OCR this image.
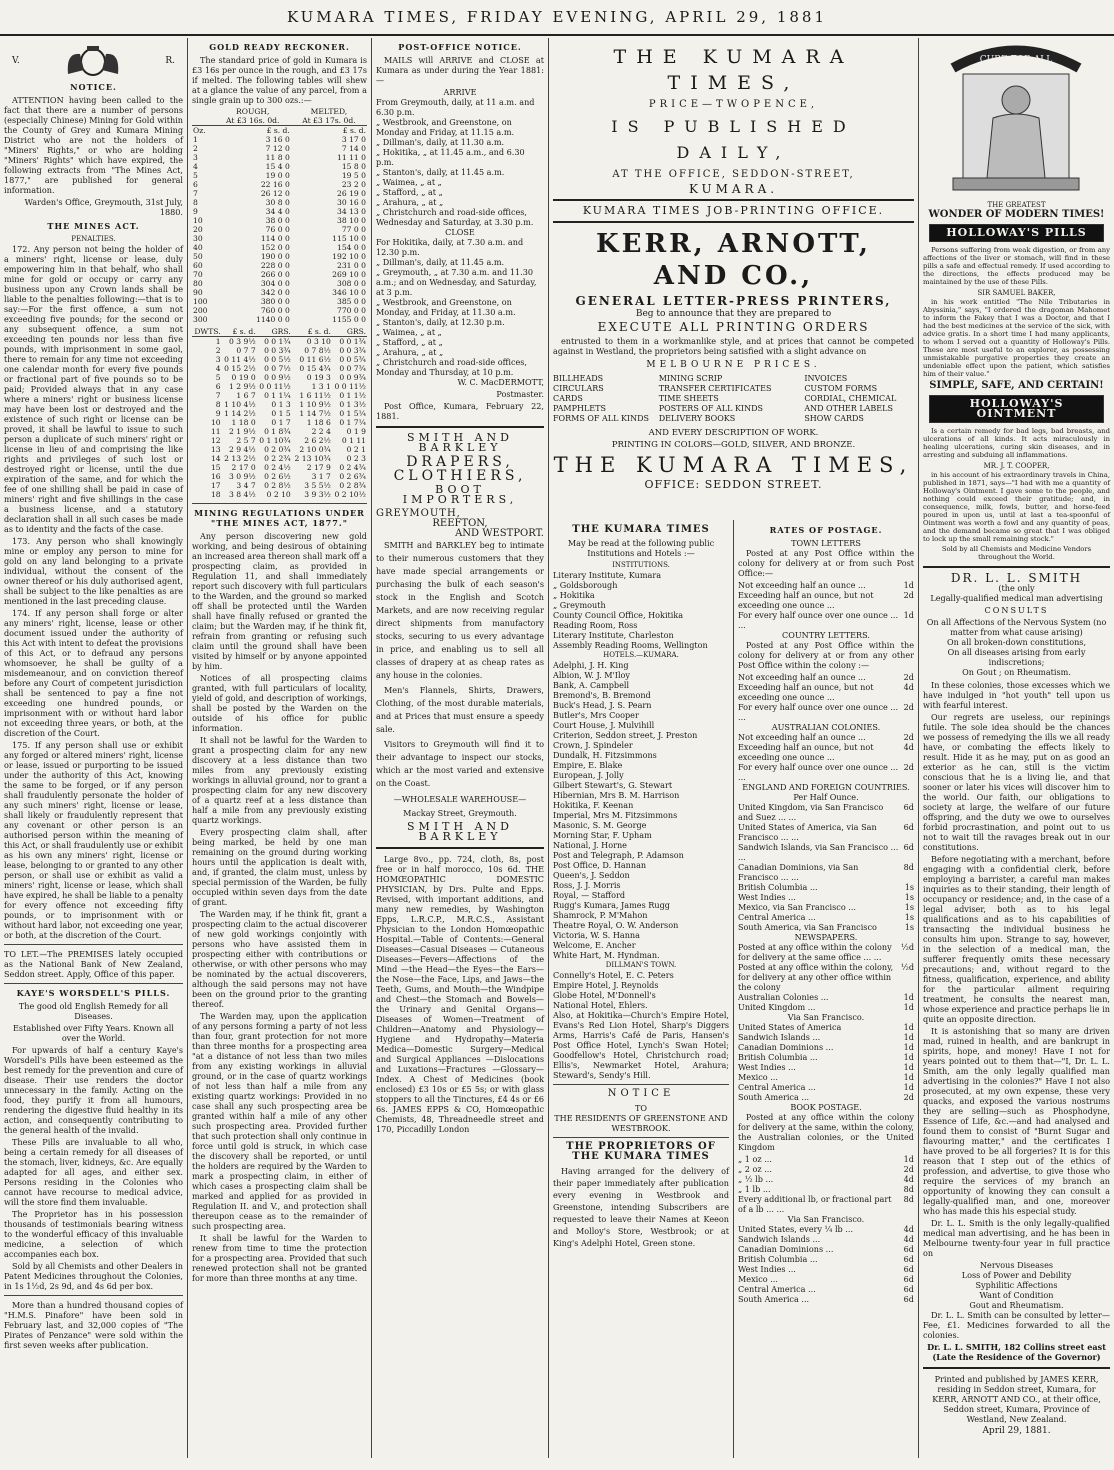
KUMARA TIMES, FRIDAY EVENING, APRIL 29, 1881
V.	R.
NOTICE.

ATTENTION having been called to the fact that there are a number of persons (especially Chinese) Mining for Gold within the County of Grey and Kumara Mining District who are not the holders of "Miners' Rights," or who are holding "Miners' Rights" which have expired, the following extracts from "The Mines Act, 1877," are published for general information.

Warden's Office, Greymouth, 31st July, 1880.

THE MINES ACT.
PENALTIES.

172. Any person not being the holder of a miners' right, license or lease, duly empowering him in that behalf, who shall mine for gold or occupy or carry any business upon any Crown lands shall be liable to the penalties following:—that is to say:—For the first offence, a sum not exceeding five pounds; for the second or any subsequent offence, a sum not exceeding ten pounds nor less than five pounds, with imprisonment in some gaol, there to remain for any time not exceeding one calendar month for every five pounds or fractional part of five pounds so to be paid; Provided always that in any case where a miners' right or business license may have been lost or destroyed and the existence of such right or license can be proved, it shall be lawful to issue to such person a duplicate of such miners' right or license in lieu of and comprising the like rights and privileges of such lost or destroyed right or license, until the due expiration of the same, and for which the fee of one shilling shall be paid in case of miners' right and five shillings in the case a business license, and a statutory declaration shall in all such cases be made as to identity and the facts of the case.

173. Any person who shall knowingly mine or employ any person to mine for gold on any land belonging to a private individual, without the consent of the owner thereof or his duly authorised agent, shall be subject to the like penalties as are mentioned in the last preceding clause.

174. If any person shall forge or alter any miners' right, license, lease or other document issued under the authority of this Act with intent to defeat the provisions of this Act, or to defraud any persons whomsoever, he shall be guilty of a misdemeanour, and on conviction thereof before any Court of competent jurisdiction shall be sentenced to pay a fine not exceeding one hundred pounds, or imprisonment with or without hard labor not exceeding three years, or both, at the discretion of the Court.

175. If any person shall use or exhibit any forged or altered miners' right, license or lease, issued or purporting to be issued under the authority of this Act, knowing the same to be forged, or if any person shall fraudulently personate the holder of any such miners' right, license or lease, shall likely or fraudulently represent that any covenant or other person is an authorised person within the meaning of this Act, or shall fraudulently use or exhibit as his own any miners' right, license or lease, belonging to or granted to any other person, or shall use or exhibit as valid a miners' right, license or lease, which shall have expired, he shall be liable to a penalty for every offence not exceeding fifty pounds, or to imprisonment with or without hard labor, not exceeding one year, or both, at the discretion of the Court.

TO LET.—The PREMISES lately occupied as the National Bank of New Zealand, Seddon street. Apply, Office of this paper.

KAYE'S WORSDELL'S PILLS.

The good old English Remedy for all Diseases.

Established over Fifty Years. Known all over the World.

For upwards of half a century Kaye's Worsdell's Pills have been esteemed as the best remedy for the prevention and cure of disease. Their use renders the doctor unnecessary in the family. Acting on the food, they purify it from all humours, rendering the digestive fluid healthy in its action, and consequently contributing to the general health of the invalid.

These Pills are invaluable to all who, being a certain remedy for all diseases of the stomach, liver, kidneys, &c. Are equally adapted for all ages, and either sex. Persons residing in the Colonies who cannot have recourse to medical advice, will the store find them invaluable.

The Proprietor has in his possession thousands of testimonials bearing witness to the wonderful efficacy of this invaluable medicine, a selection of which accompanies each box.

Sold by all Chemists and other Dealers in Patent Medicines throughout the Colonies, in 1s 1½d, 2s 9d, and 4s 6d per box.

More than a hundred thousand copies of "H.M.S. Pinafore" have been sold in February last, and 32,000 copies of "The Pirates of Penzance" were sold within the first seven weeks after publication.

GOLD READY RECKONER.

The standard price of gold in Kumara is £3 16s per ounce in the rough, and £3 17s if melted. The following tables will shew at a glance the value of any parcel, from a single grain up to 300 ozs.:—

	ROUGH,
At £3 16s. 0d.	MELTED,
At £3 17s. 0d.
Oz.	£ s. d.	£ s. d.
1	3 16 0	3 17 0
2	7 12 0	7 14 0
3	11 8 0	11 11 0
4	15 4 0	15 8 0
5	19 0 0	19 5 0
6	22 16 0	23 2 0
7	26 12 0	26 19 0
8	30 8 0	30 16 0
9	34 4 0	34 13 0
10	38 0 0	38 10 0
20	76 0 0	77 0 0
30	114 0 0	115 10 0
40	152 0 0	154 0 0
50	190 0 0	192 10 0
60	228 0 0	231 0 0
70	266 0 0	269 10 0
80	304 0 0	308 0 0
90	342 0 0	346 10 0
100	380 0 0	385 0 0
200	760 0 0	770 0 0
300	1140 0 0	1155 0 0
DWTS.	£ s. d.	GRS.	£ s. d.	GRS.
1	0 3 9½	0 0 1¾	0 3 10	0 0 1¾
2	0 7 7	0 0 3¾	0 7 8½	0 0 3¾
3	0 11 4½	0 0 5½	0 11 6½	0 0 5¾
4	0 15 2½	0 0 7½	0 15 4¾	0 0 7¾
5	0 19 0	0 0 9½	0 19 3	0 0 9¾
6	1 2 9½	0 0 11½	1 3 1	0 0 11½
7	1 6 7	0 1 1¼	1 6 11½	0 1 1½
8	1 10 4½	0 1 3	1 10 9½	0 1 3½
9	1 14 2½	0 1 5	1 14 7½	0 1 5¼
10	1 18 0	0 1 7	1 18 6	0 1 7¼
11	2 1 9½	0 1 8¾	2 2 4	0 1 9
12	2 5 7	0 1 10¾	2 6 2½	0 1 11
13	2 9 4½	0 2 0¾	2 10 0¾	0 2 1
14	2 13 2½	0 2 2¾	2 13 10¾	0 2 3
15	2 17 0	0 2 4½	2 17 9	0 2 4¾
16	3 0 9½	0 2 6½	3 1 7	0 2 6¾
17	3 4 7	0 2 8½	3 5 5½	0 2 8¾
18	3 8 4½	0 2 10	3 9 3½	0 2 10½
MINING REGULATIONS UNDER "THE MINES ACT, 1877."

Any person discovering new gold working, and being desirous of obtaining an increased area thereon shall mark off a prospecting claim, as provided in Regulation 11, and shall immediately report such discovery with full particulars to the Warden, and the ground so marked off shall be protected until the Warden shall have finally refused or granted the claim; but the Warden may, if he think fit, refrain from granting or refusing such claim until the ground shall have been visited by himself or by anyone appointed by him.

Notices of all prospecting claims granted, with full particulars of locality, yield of gold, and description of workings, shall be posted by the Warden on the outside of his office for public information.

It shall not be lawful for the Warden to grant a prospecting claim for any new discovery at a less distance than two miles from any previously existing workings in alluvial ground, nor to grant a prospecting claim for any new discovery of a quartz reef at a less distance than half a mile from any previously existing quartz workings.

Every prospecting claim shall, after being marked, be held by one man remaining on the ground during working hours until the application is dealt with, and, if granted, the claim must, unless by special permission of the Warden, be fully occupied within seven days from the date of grant.

The Warden may, if he think fit, grant a prospecting claim to the actual discoverer of new gold workings conjointly with persons who have assisted them in prospecting either with contributions or otherwise, or with other persons who may be nominated by the actual discoverers, although the said persons may not have been on the ground prior to the granting thereof.

The Warden may, upon the application of any persons forming a party of not less than four, grant protection for not more than three months for a prospecting area "at a distance of not less than two miles from any existing workings in alluvial ground, or in the case of quartz workings of not less than half a mile from any existing quartz workings: Provided in no case shall any such prospecting area be granted within half a mile of any other such prospecting area. Provided further that such protection shall only continue in force until gold is struck, in which case the discovery shall be reported, or until the holders are required by the Warden to mark a prospecting claim, in either of which cases a prospecting claim shall be marked and applied for as provided in Regulation II. and V., and protection shall thereupon cease as to the remainder of such prospecting area.

It shall be lawful for the Warden to renew from time to time the protection for a prospecting area. Provided that such renewed protection shall not be granted for more than three months at any time.

POST-OFFICE NOTICE.

MAILS will ARRIVE and CLOSE at Kumara as under during the Year 1881:—

ARRIVE
From Greymouth, daily, at 11 a.m. and 6.30 p.m.
„ Westbrook, and Greenstone, on Monday and Friday, at 11.15 a.m.
„ Dillman's, daily, at 11.30 a.m.
„ Hokitika, „ at 11.45 a.m., and 6.30 p.m.
„ Stanton's, daily, at 11.45 a.m.
„ Waimea, „ at „
„ Stafford, „ at „
„ Arahura, „ at „
„ Christchurch and road-side offices, Wednesday and Saturday, at 3.30 p.m.
CLOSE
For Hokitika, daily, at 7.30 a.m. and 12.30 p.m.
„ Dillman's, daily, at 11.45 a.m.
„ Greymouth, „ at 7.30 a.m. and 11.30 a.m.; and on Wednesday, and Saturday, at 3 p.m.
„ Westbrook, and Greenstone, on Monday, and Friday, at 11.30 a.m.
„ Stanton's, daily, at 12.30 p.m.
„ Waimea, „ at „
„ Stafford, „ at „
„ Arahura, „ at „
„ Christchurch and road-side offices, Monday and Thursday, at 10 p.m.

W. C. MacDERMOTT,

Postmaster.

Post Office, Kumara, February 22, 1881.

SMITH AND BARKLEY
DRAPERS,
CLOTHIERS,
BOOT IMPORTERS,
GREYMOUTH,
REEFTON,
AND WESTPORT.

SMITH and BARKLEY beg to intimate to their numerous customers that they have made special arrangements or purchasing the bulk of each season's stock in the English and Scotch Markets, and are now receiving regular direct shipments from manufactory stocks, securing to us every advantage in price, and enabling us to sell all classes of drapery at as cheap rates as any house in the colonies.

Men's Flannels, Shirts, Drawers, Clothing, of the most durable materials, and at Prices that must ensure a speedy sale.

Visitors to Greymouth will find it to their advantage to inspect our stocks, which ar the most varied and extensive on the Coast.

—WHOLESALE WAREHOUSE—
Mackay Street, Greymouth.
SMITH AND BARKLEY

Large 8vo., pp. 724, cloth, 8s, post free or in half morocco, 10s 6d. THE HOMŒOPATHIC DOMESTIC PHYSICIAN, by Drs. Pulte and Epps. Revised, with important additions, and many new remedies, by Washington Epps, L.R.C.P., M.R.C.S., Assistant Physician to the London Homœopathic Hospital.—Table of Contents:—General Diseases—Casual Diseases — Cutaneous Diseases—Fevers—Affections of the Mind —the Head—the Eyes—the Ears—the Nose—the Face, Lips, and Jaws—the Teeth, Gums, and Mouth—the Windpipe and Chest—the Stomach and Bowels—the Urinary and Genital Organs—Diseases of Women—Treatment of Children—Anatomy and Physiology—Hygiene and Hydropathy—Materia Medica—Domestic Surgery—Medical and Surgical Appliances —Dislocations and Luxations—Fractures —Glossary—Index. A Chest of Medicines (book enclosed) £3 10s or £5 5s; or with glass stoppers to all the Tinctures, £4 4s or £6 6s. JAMES EPPS & CO, Homœopathic Chemists, 48, Threadneedle street and 170, Piccadilly London

THE KUMARA TIMES,
PRICE—TWOPENCE,
IS PUBLISHED DAILY,
AT THE OFFICE, SEDDON-STREET,
KUMARA.
KUMARA TIMES JOB-PRINTING OFFICE.
KERR, ARNOTT, AND CO.,
GENERAL LETTER-PRESS PRINTERS,
Beg to announce that they are prepared to
EXECUTE ALL PRINTING ORDERS

entrusted to them in a workmanlike style, and at prices that cannot be competed against in Westland, the proprietors being satisfied with a slight advance on

MELBOURNE PRICES.
BILLHEADS	MINING SCRIP	INVOICES
CIRCULARS	TRANSFER CERTIFICATES	CUSTOM FORMS
CARDS	TIME SHEETS	CORDIAL, CHEMICAL
PAMPHLETS	POSTERS OF ALL KINDS	AND OTHER LABELS
FORMS OF ALL KINDS	DELIVERY BOOKS	SHOW CARDS
AND EVERY DESCRIPTION OF WORK.
PRINTING IN COLORS—GOLD, SILVER, AND BRONZE.
THE KUMARA TIMES,
OFFICE: SEDDON STREET.
THE KUMARA TIMES

May be read at the following public Institutions and Hotels :—

INSTITUTIONS.
Literary Institute, Kumara
„ Goldsborough
„ Hokitika
„ Greymouth
County Council Office, Hokitika
Reading Room, Ross
Literary Institute, Charleston
Assembly Reading Rooms, Wellington
HOTELS.—KUMARA.
Adelphi, J. H. King
Albion, W. J. M'Iloy
Bank, A. Campbell
Bremond's, B. Bremond
Buck's Head, J. S. Pearn
Butler's, Mrs Cooper
Court House, J. Mulvihill
Criterion, Seddon street, J. Preston
Crown, J. Spindeler
Dundalk, H. Fitzsimmons
Empire, E. Blake
European, J. Jolly
Gilbert Stewart's, G. Stewart
Hibernian, Mrs B. M. Harrison
Hokitika, F. Keenan
Imperial, Mrs M. Fitzsimmons
Masonic, S. M. George
Morning Star, F. Upham
National, J. Horne
Post and Telegraph, P. Adamson
Post Office, D. Hannan
Queen's, J. Seddon
Ross, J. J. Morris
Royal, — Stafford
Rugg's Kumara, James Rugg
Shamrock, P. M'Mahon
Theatre Royal, O. W. Anderson
Victoria, W. S. Hanna
Welcome, E. Ancher
White Hart, M. Hyndman.
DILLMAN'S TOWN.
Connelly's Hotel, E. C. Peters
Empire Hotel, J. Reynolds
Globe Hotel, M'Donnell's
National Hotel, Ehlers.

Also, at Hokitika—Church's Empire Hotel, Evans's Red Lion Hotel, Sharp's Diggers Arms, Harris's Café de Paris, Hansen's Post Office Hotel, Lynch's Swan Hotel; Goodfellow's Hotel, Christchurch road; Ellis's, Newmarket Hotel, Arahura; Steward's, Sendy's Hill.

NOTICE
TO
THE RESIDENTS OF GREENSTONE AND WESTBROOK.
THE PROPRIETORS OF THE KUMARA TIMES

Having arranged for the delivery of their paper immediately after publication every evening in Westbrook and Greenstone, intending Subscribers are requested to leave their Names at Keeon and Molloy's Store, Westbrook; or at King's Adelphi Hotel, Green stone.

RATES OF POSTAGE.
TOWN LETTERS

Posted at any Post Office within the colony for delivery at or from such Post Office:—

Not exceeding half an ounce ...	1d
Exceeding half an ounce, but not exceeding one ounce ...
2d
For every half ounce over one ounce ... ...
1d
COUNTRY LETTERS.

Posted at any Post Office within the colony for delivery at or from any other Post Office within the colony :—

Not exceeding half an ounce ...	2d
Exceeding half an ounce, but not exceeding one ounce ...
4d
For every half ounce over one ounce ... ...
2d
AUSTRALIAN COLONIES.
Not exceeding half an ounce ...	2d
Exceeding half an ounce, but not exceeding one ounce ...
4d
For every half ounce over one ounce ... ...
2d
ENGLAND AND FOREIGN COUNTRIES. Per Half Ounce.
United Kingdom, via San Francisco and Suez ... ...
6d
United States of America, via San Francisco ... ...
6d
Sandwich Islands, via San Francisco ... ...
6d
Canadian Dominions, via San Francisco ... ...
8d
British Columbia ...	1s
West Indies ...	1s
Mexico, via San Francisco ...	1s
Central America ...	1s
South America, via San Francisco	1s
NEWSPAPERS.
Posted at any office within the colony for delivery at the same office ... ...
½d
Posted at any office within the colony, for delivery at any other office within the colony
½d
Australian Colonies ...	1d
United Kingdom ...	1d
Via San Francisco.
United States of America	1d
Sandwich Islands ...	1d
Canadian Dominions ...	1d
British Columbia ...	1d
West Indies ...	1d
Mexico ...	1d
Central America ...	1d
South America ...	2d
BOOK POSTAGE.

Posted at any office within the colony for delivery at the same, within the colony, the Australian colonies, or the United Kingdom

„ 1 oz ...	1d
„ 2 oz ...	2d
„ ½ lb ...	4d
„ 1 lb ...	8d
Every additional lb, or fractional part of a lb ... ...
8d
Via San Francisco.
United States, every ¼ lb ...	4d
Sandwich Islands ...	4d
Canadian Dominions ...	6d
British Columbia ...	6d
West Indies ...	6d
Mexico ...	6d
Central America ...	6d
South America ...	6d
CURE FOR ALL
THE GREATEST
WONDER OF MODERN TIMES!
HOLLOWAY'S PILLS

Persons suffering from weak digestion, or from any affections of the liver or stomach, will find in these pills a safe and effectual remedy. If used according to the directions, the effects produced may be maintained by the use of these Pills.

SIR SAMUEL BAKER,

in his work entitled "The Nile Tributaries in Abyssinia," says, "I ordered the dragoman Mahomet to inform the Fakey that I was a Doctor, and that I had the best medicines at the service of the sick, with advice gratis. In a short time I had many applicants, to whom I served out a quantity of Holloway's Pills. These are most useful to an explorer, as possessing unmistakable purgative properties they create an undeniable effect upon the patient, which satisfies him of their value."

SIMPLE, SAFE, AND CERTAIN!
HOLLOWAY'S OINTMENT

Is a certain remedy for bad legs, bad breasts, and ulcerations of all kinds. It acts miraculously in healing ulcerations, curing skin diseases, and in arresting and subduing all inflammations.

MR. J. T. COOPER,

in his account of his extraordinary travels in China, published in 1871, says—"I had with me a quantity of Holloway's Ointment. I gave some to the people, and nothing could exceed their gratitude; and, in consequence, milk, fowls, butter, and horse-feed poured in upon us, until at last a tea-spoonful of Ointment was worth a fowl and any quantity of peas, and the demand became so great that I was obliged to lock up the small remaining stock."

Sold by all Chemists and Medicine Vendors throughout the World.

DR. L. L. SMITH
(the only
Legally-qualified medical man advertising
CONSULTS
On all Affections of the Nervous System (no matter from what cause arising)
On all broken-down constitutions,
On all diseases arising from early indiscretions;
On Gout ; on Rheumatism.

In these colonies, those excesses which we have indulged in "hot youth" tell upon us with fearful interest.

Our regrets are useless, our repinings futile. The sole idea should be the chances we possess of remedying the ills we all ready have, or combating the effects likely to result. Hide it as he may, put on as good an exterior as he can, still is the victim conscious that he is a living lie, and that sooner or later his vices will discover him to the world. Our faith, our obligations to society at large, the welfare of our future offspring, and the duty we owe to ourselves forbid procrastination, and point out to us not to wait till the ravages break out in our constitutions.

Before negotiating with a merchant, before engaging with a confidential clerk, before employing a barrister, a careful man makes inquiries as to their standing, their length of occupancy or residence; and, in the case of a legal adviser, both as to his legal qualifications and as to his capabilities of transacting the individual business he consults him upon. Strange to say, however, in the selection of a medical man, the sufferer frequently omits these necessary precautions; and, without regard to the fitness, qualification, experience, and ability for the particular ailment requiring treatment, he consults the nearest man, whose experience and practice perhaps lie in quite an opposite direction.

It is astonishing that so many are driven mad, ruined in health, and are bankrupt in spirits, hope, and money! Have I not for years pointed out to them that—"I, Dr. L. L. Smith, am the only legally qualified man advertising in the colonies?" Have I not also prosecuted, at my own expense, these very quacks, and exposed the various nostrums they are selling—such as Phosphodyne, Essence of Life, &c.—and had analysed and found them to consist of "Burnt Sugar and flavouring matter," and the certificates I have proved to be all forgeries? It is for this reason that I step out of the ethics of profession, and advertise, to give those who require the services of my branch an opportunity of knowing they can consult a legally-qualified man, and one, moreover who has made this his especial study.

Dr. L. L. Smith is the only legally-qualified medical man advertising, and he has been in Melbourne twenty-four year in full practice on

Nervous Diseases
Loss of Power and Debility
Syphilitic Affections
Want of Condition
Gout and Rheumatism.

Dr. L. L. Smith can be consulted by letter—Fee, £1. Medicines forwarded to all the colonies.

Dr. L. L. SMITH, 182 Collins street east (Late the Residence of the Governor)

Printed and published by JAMES KERR, residing in Seddon street, Kumara, for KERR, ARNOTT AND CO., at their office, Seddon street, Kumara, Province of Westland, New Zealand.

April 29, 1881.
